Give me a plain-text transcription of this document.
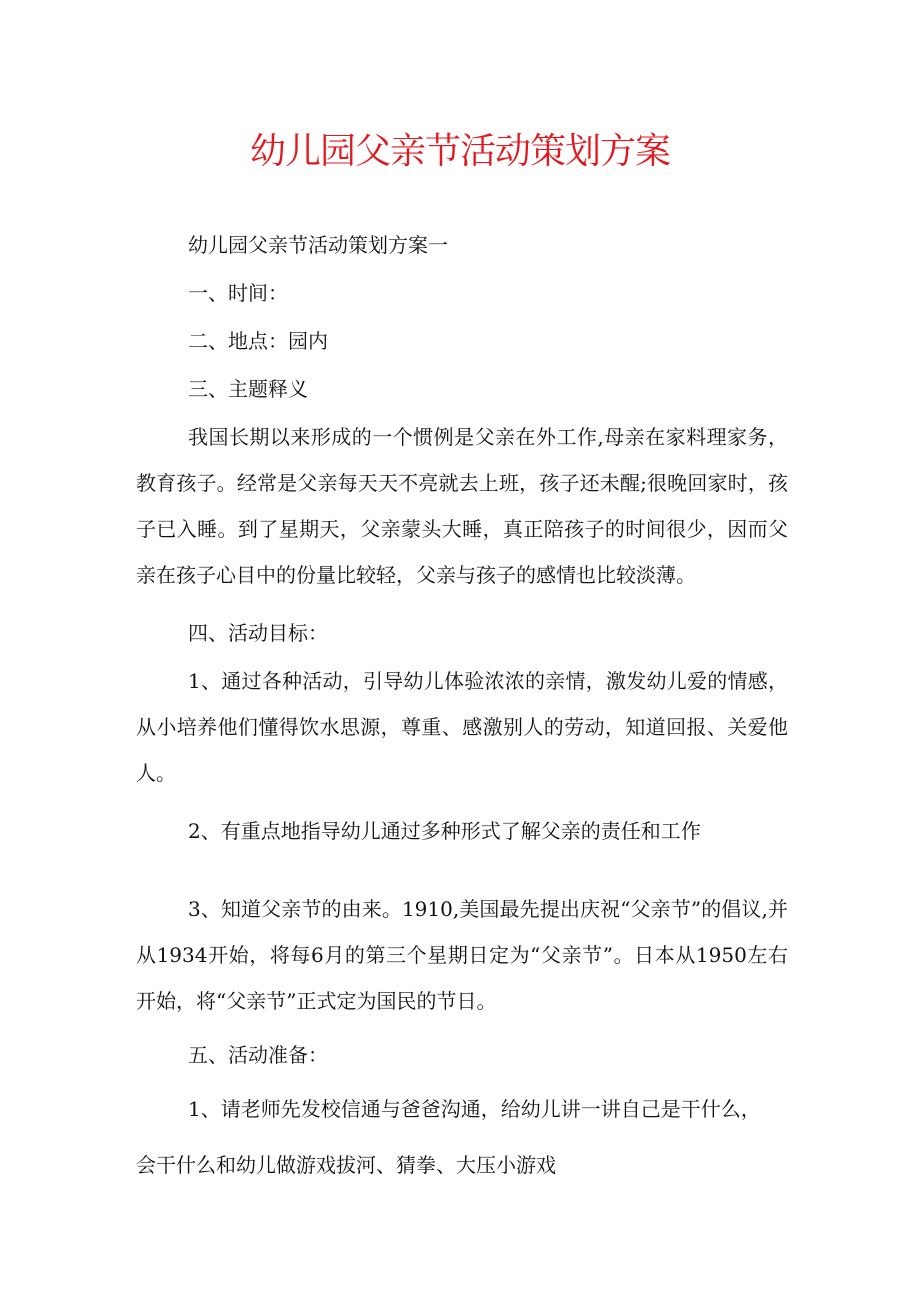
幼儿园父亲节活动策划方案

幼儿园父亲节活动策划方案一

一、时间：

二、地点：园内

三、主题释义

我国长期以来形成的一个惯例是父亲在外工作,母亲在家料理家务，教育孩子。经常是父亲每天天不亮就去上班，孩子还未醒;很晚回家时，孩子已入睡。到了星期天，父亲蒙头大睡，真正陪孩子的时间很少，因而父亲在孩子心目中的份量比较轻，父亲与孩子的感情也比较淡薄。

四、活动目标：

1、通过各种活动，引导幼儿体验浓浓的亲情，激发幼儿爱的情感，从小培养他们懂得饮水思源，尊重、感激别人的劳动，知道回报、关爱他人。

2、有重点地指导幼儿通过多种形式了解父亲的责任和工作

3、知道父亲节的由来。1910,美国最先提出庆祝“父亲节”的倡议,并从1934开始，将每6月的第三个星期日定为“父亲节”。日本从1950左右开始，将“父亲节”正式定为国民的节日。

五、活动准备：

1、请老师先发校信通与爸爸沟通，给幼儿讲一讲自己是干什么，

会干什么和幼儿做游戏拔河、猜拳、大压小游戏
